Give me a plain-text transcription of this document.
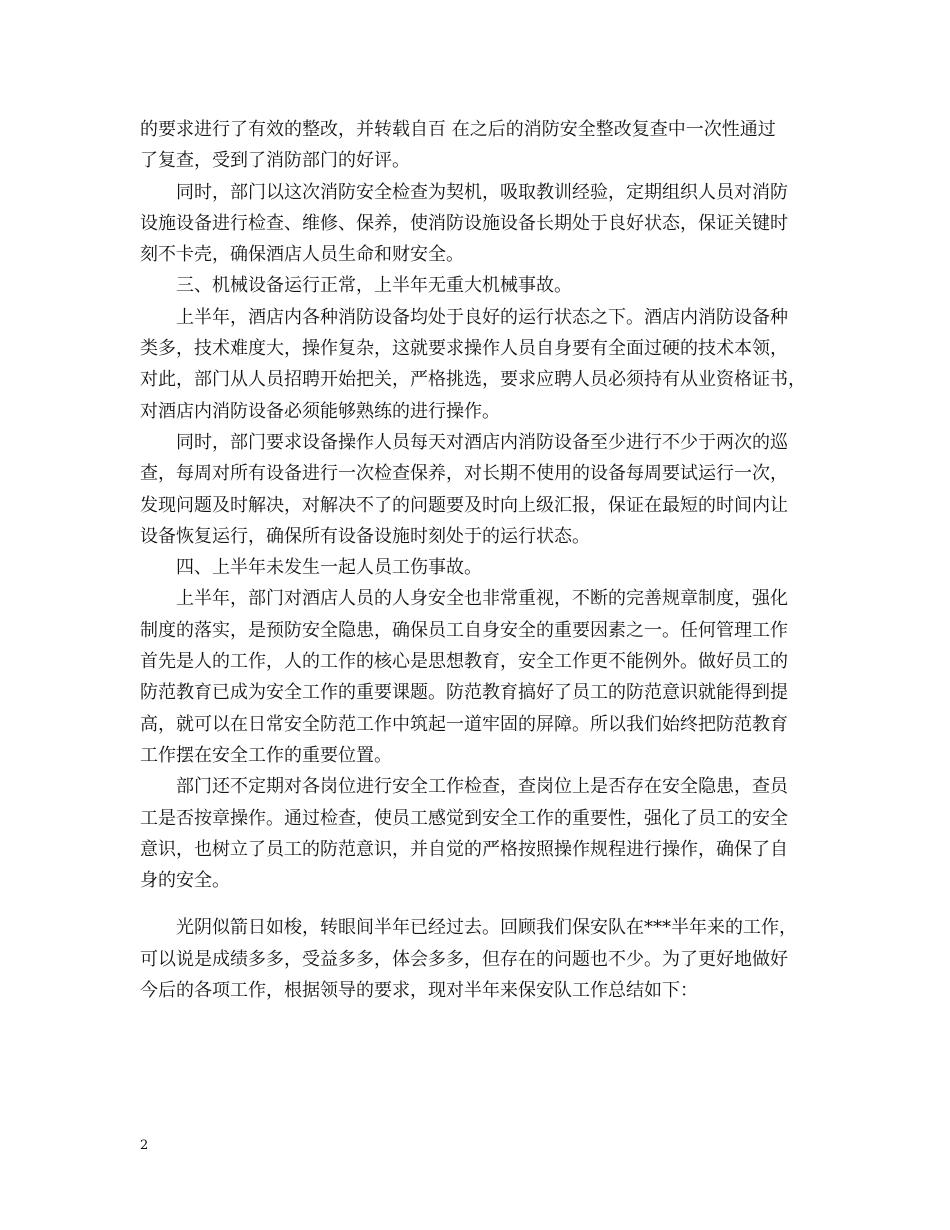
的要求进行了有效的整改，并转载自百 在之后的消防安全整改复查中一次性通过
了复查，受到了消防部门的好评。
　　同时，部门以这次消防安全检查为契机，吸取教训经验，定期组织人员对消防
设施设备进行检查、维修、保养，使消防设施设备长期处于良好状态，保证关键时
刻不卡壳，确保酒店人员生命和财安全。
　　三、机械设备运行正常，上半年无重大机械事故。
　　上半年，酒店内各种消防设备均处于良好的运行状态之下。酒店内消防设备种
类多，技术难度大，操作复杂，这就要求操作人员自身要有全面过硬的技术本领，
对此，部门从人员招聘开始把关，严格挑选，要求应聘人员必须持有从业资格证书，
对酒店内消防设备必须能够熟练的进行操作。
　　同时，部门要求设备操作人员每天对酒店内消防设备至少进行不少于两次的巡
查，每周对所有设备进行一次检查保养，对长期不使用的设备每周要试运行一次，
发现问题及时解决，对解决不了的问题要及时向上级汇报，保证在最短的时间内让
设备恢复运行，确保所有设备设施时刻处于的运行状态。
　　四、上半年未发生一起人员工伤事故。
　　上半年，部门对酒店人员的人身安全也非常重视，不断的完善规章制度，强化
制度的落实，是预防安全隐患，确保员工自身安全的重要因素之一。任何管理工作
首先是人的工作，人的工作的核心是思想教育，安全工作更不能例外。做好员工的
防范教育已成为安全工作的重要课题。防范教育搞好了员工的防范意识就能得到提
高，就可以在日常安全防范工作中筑起一道牢固的屏障。所以我们始终把防范教育
工作摆在安全工作的重要位置。
　　部门还不定期对各岗位进行安全工作检查，查岗位上是否存在安全隐患，查员
工是否按章操作。通过检查，使员工感觉到安全工作的重要性，强化了员工的安全
意识，也树立了员工的防范意识，并自觉的严格按照操作规程进行操作，确保了自
身的安全。
　　光阴似箭日如梭，转眼间半年已经过去。回顾我们保安队在***半年来的工作，
可以说是成绩多多，受益多多，体会多多，但存在的问题也不少。为了更好地做好
今后的各项工作，根据领导的要求，现对半年来保安队工作总结如下：
2
